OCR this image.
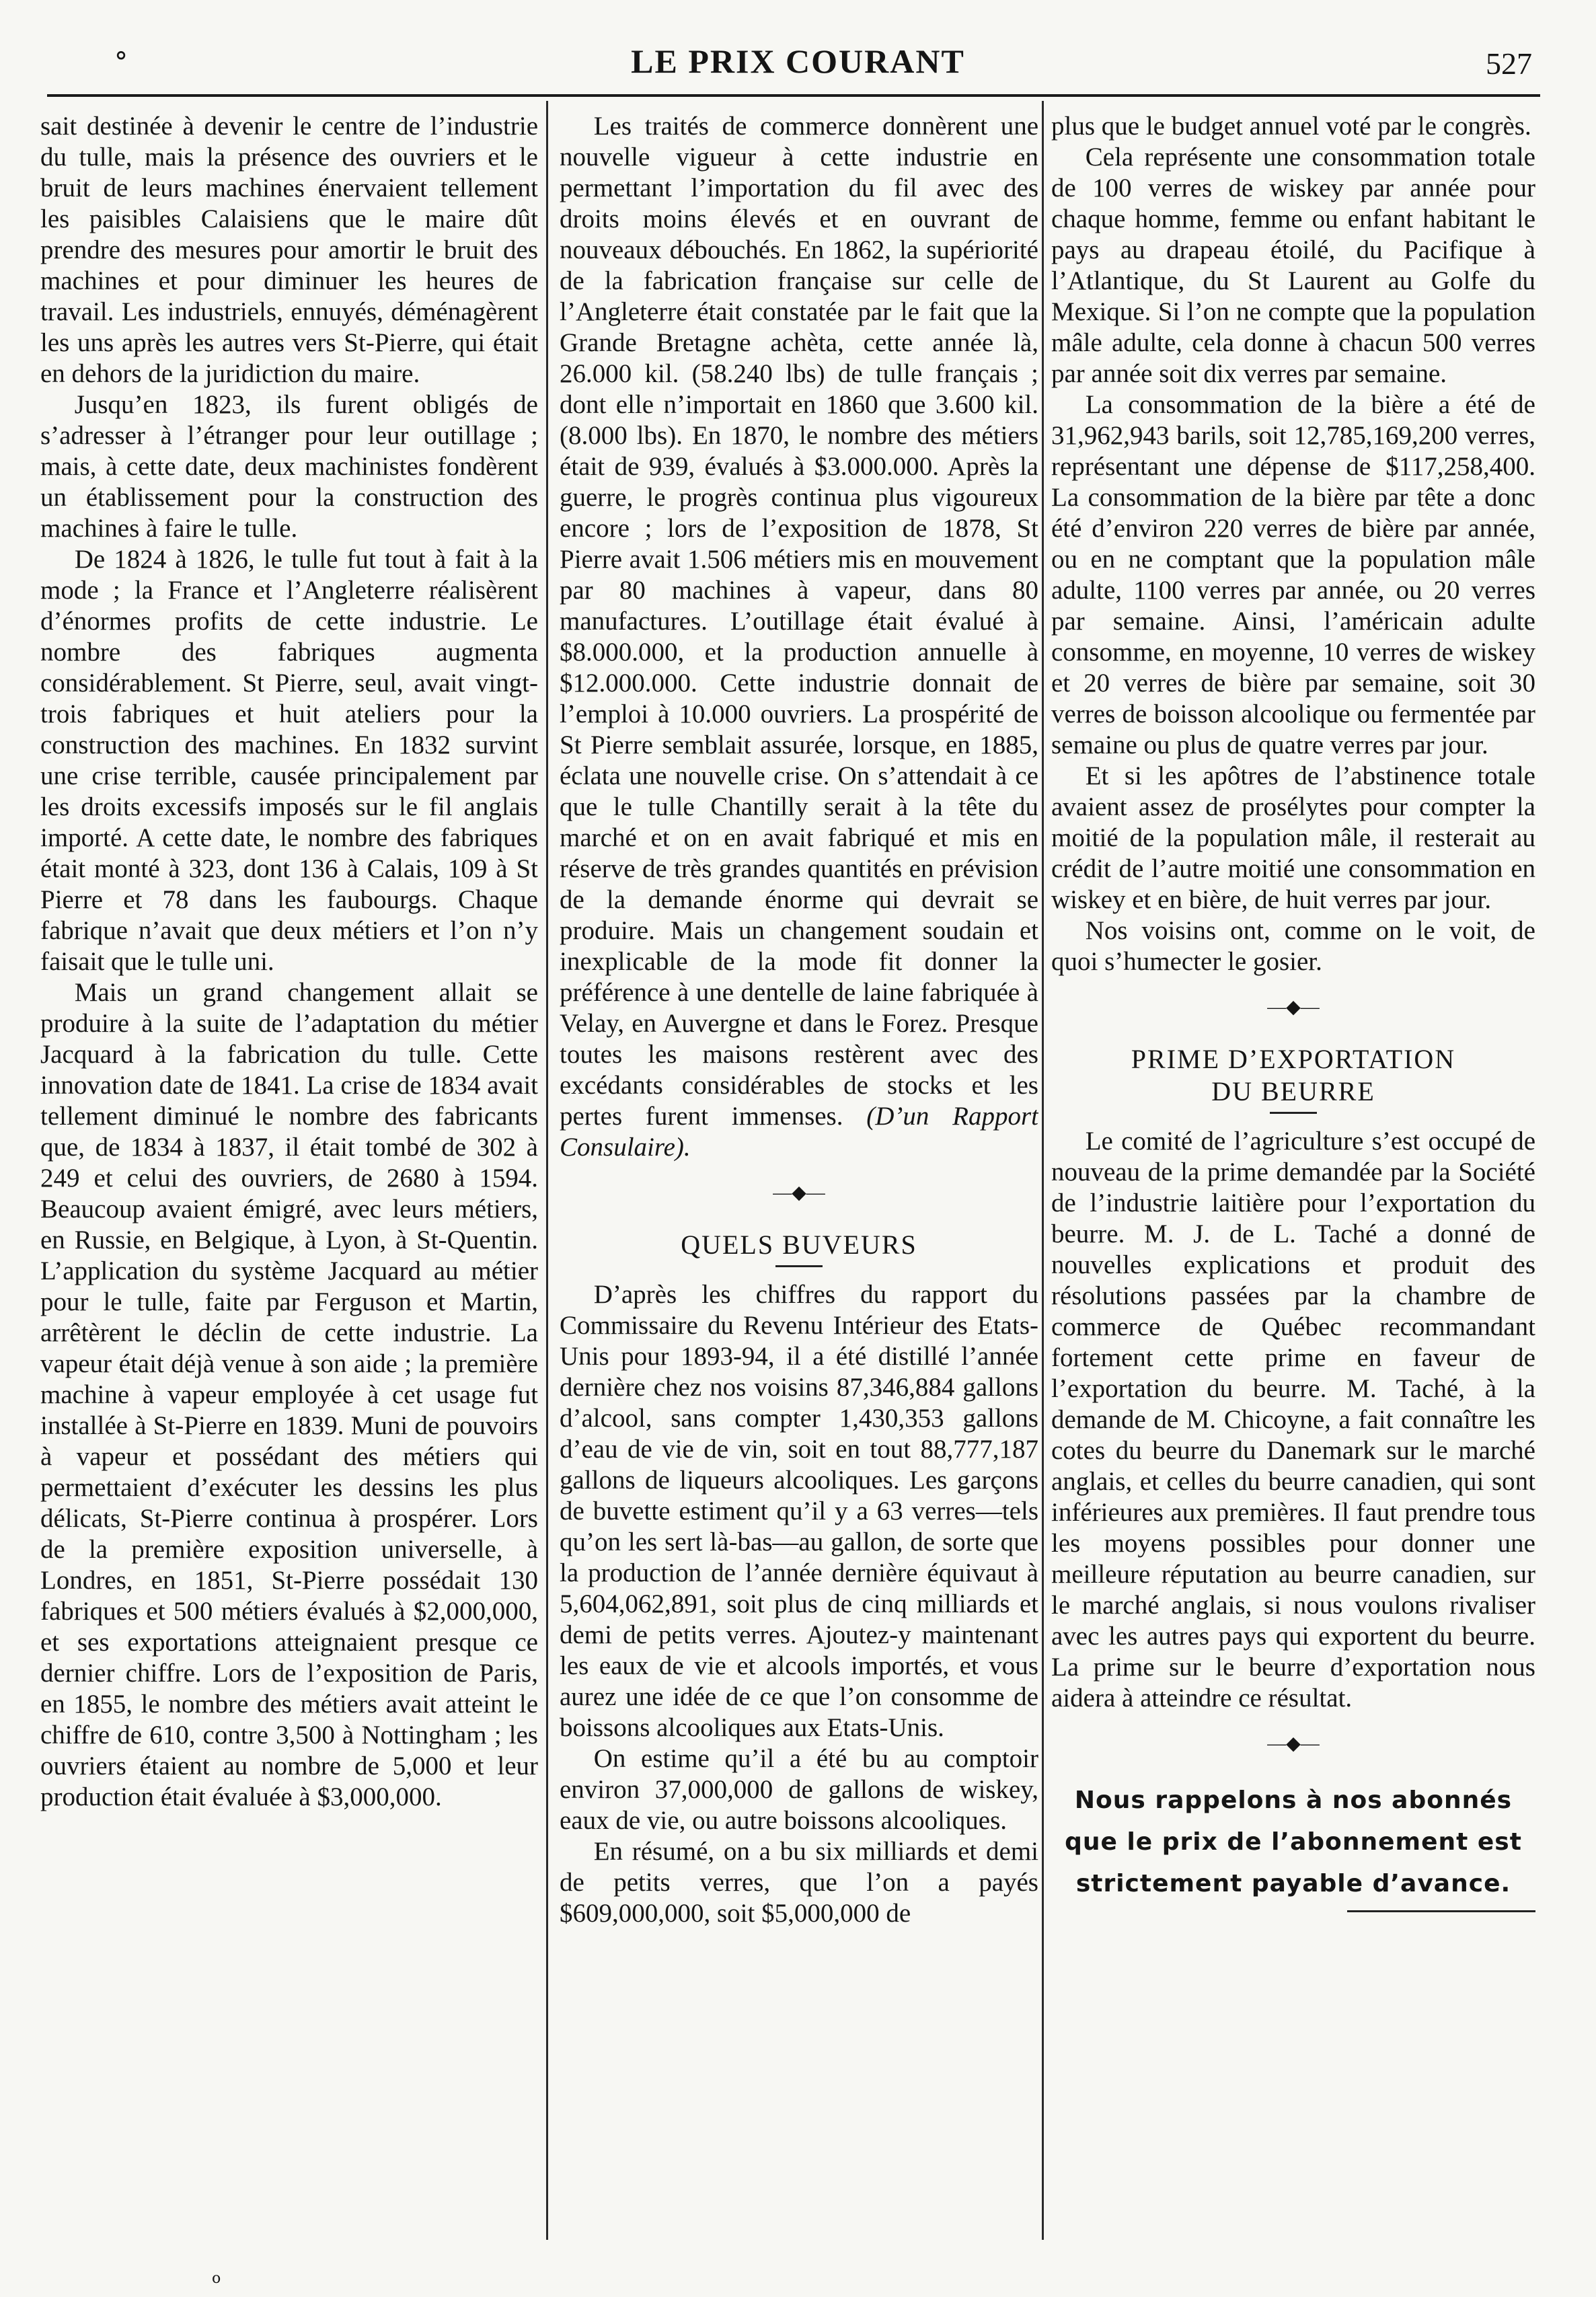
°	LE PRIX COURANT	527

sait destinée à devenir le centre de l’industrie du tulle, mais la présence des ouvriers et le bruit de leurs machines énervaient tellement les paisibles Calaisiens que le maire dût prendre des mesures pour amortir le bruit des machines et pour diminuer les heures de travail. Les industriels, ennuyés, déménagèrent les uns après les autres vers St-Pierre, qui était en dehors de la juridiction du maire.

Jusqu’en 1823, ils furent obligés de s’adresser à l’étranger pour leur outillage ; mais, à cette date, deux machinistes fondèrent un établissement pour la construction des machines à faire le tulle.

De 1824 à 1826, le tulle fut tout à fait à la mode ; la France et l’Angleterre réalisèrent d’énormes profits de cette industrie. Le nombre des fabriques augmenta considérablement. St Pierre, seul, avait vingt-trois fabriques et huit ateliers pour la construction des machines. En 1832 survint une crise terrible, causée principalement par les droits excessifs imposés sur le fil anglais importé. A cette date, le nombre des fabriques était monté à 323, dont 136 à Calais, 109 à St Pierre et 78 dans les faubourgs. Chaque fabrique n’avait que deux métiers et l’on n’y faisait que le tulle uni.

Mais un grand changement allait se produire à la suite de l’adaptation du métier Jacquard à la fabrication du tulle. Cette innovation date de 1841. La crise de 1834 avait tellement diminué le nombre des fabricants que, de 1834 à 1837, il était tombé de 302 à 249 et celui des ouvriers, de 2680 à 1594. Beaucoup avaient émigré, avec leurs métiers, en Russie, en Belgique, à Lyon, à St-Quentin. L’application du système Jacquard au métier pour le tulle, faite par Ferguson et Martin, arrêtèrent le déclin de cette industrie. La vapeur était déjà venue à son aide ; la première machine à vapeur employée à cet usage fut installée à St-Pierre en 1839. Muni de pouvoirs à vapeur et possédant des métiers qui permettaient d’exécuter les dessins les plus délicats, St-Pierre continua à prospérer. Lors de la première exposition universelle, à Londres, en 1851, St-Pierre possédait 130 fabriques et 500 métiers évalués à $2,000,000, et ses exportations atteignaient presque ce dernier chiffre. Lors de l’exposition de Paris, en 1855, le nombre des métiers avait atteint le chiffre de 610, contre 3,500 à Nottingham ; les ouvriers étaient au nombre de 5,000 et leur production était évaluée à $3,000,000.

Les traités de commerce donnèrent une nouvelle vigueur à cette industrie en permettant l’importation du fil avec des droits moins élevés et en ouvrant de nouveaux débouchés. En 1862, la supériorité de la fabrication française sur celle de l’Angleterre était constatée par le fait que la Grande Bretagne achèta, cette année là, 26.000 kil. (58.240 lbs) de tulle français ; dont elle n’importait en 1860 que 3.600 kil. (8.000 lbs). En 1870, le nombre des métiers était de 939, évalués à $3.000.000. Après la guerre, le progrès continua plus vigoureux encore ; lors de l’exposition de 1878, St Pierre avait 1.506 métiers mis en mouvement par 80 machines à vapeur, dans 80 manufactures. L’outillage était évalué à $8.000.000, et la production annuelle à $12.000.000. Cette industrie donnait de l’emploi à 10.000 ouvriers. La prospérité de St Pierre semblait assurée, lorsque, en 1885, éclata une nouvelle crise. On s’attendait à ce que le tulle Chantilly serait à la tête du marché et on en avait fabriqué et mis en réserve de très grandes quantités en prévision de la demande énorme qui devrait se produire. Mais un changement soudain et inexplicable de la mode fit donner la préférence à une dentelle de laine fabriquée à Velay, en Auvergne et dans le Forez. Presque toutes les maisons restèrent avec des excédants considérables de stocks et les pertes furent immenses. (D’un Rapport Consulaire).

—◆—
QUELS BUVEURS

D’après les chiffres du rapport du Commissaire du Revenu Intérieur des Etats-Unis pour 1893-94, il a été distillé l’année dernière chez nos voisins 87,346,884 gallons d’alcool, sans compter 1,430,353 gallons d’eau de vie de vin, soit en tout 88,777,187 gallons de liqueurs alcooliques. Les garçons de buvette estiment qu’il y a 63 verres—tels qu’on les sert là-bas—au gallon, de sorte que la production de l’année dernière équivaut à 5,604,062,891, soit plus de cinq milliards et demi de petits verres. Ajoutez-y maintenant les eaux de vie et alcools importés, et vous aurez une idée de ce que l’on consomme de boissons alcooliques aux Etats-Unis.

On estime qu’il a été bu au comptoir environ 37,000,000 de gallons de wiskey, eaux de vie, ou autre boissons alcooliques.

En résumé, on a bu six milliards et demi de petits verres, que l’on a payés $609,000,000, soit $5,000,000 de

plus que le budget annuel voté par le congrès.

Cela représente une consommation totale de 100 verres de wiskey par année pour chaque homme, femme ou enfant habitant le pays au drapeau étoilé, du Pacifique à l’Atlantique, du St Laurent au Golfe du Mexique. Si l’on ne compte que la population mâle adulte, cela donne à chacun 500 verres par année soit dix verres par semaine.

La consommation de la bière a été de 31,962,943 barils, soit 12,785,169,200 verres, représentant une dépense de $117,258,400. La consommation de la bière par tête a donc été d’environ 220 verres de bière par année, ou en ne comptant que la population mâle adulte, 1100 verres par année, ou 20 verres par semaine. Ainsi, l’américain adulte consomme, en moyenne, 10 verres de wiskey et 20 verres de bière par semaine, soit 30 verres de boisson alcoolique ou fermentée par semaine ou plus de quatre verres par jour.

Et si les apôtres de l’abstinence totale avaient assez de prosélytes pour compter la moitié de la population mâle, il resterait au crédit de l’autre moitié une consommation en wiskey et en bière, de huit verres par jour.

Nos voisins ont, comme on le voit, de quoi s’humecter le gosier.

—◆—
PRIME D’EXPORTATION
DU BEURRE

Le comité de l’agriculture s’est occupé de nouveau de la prime demandée par la Société de l’industrie laitière pour l’exportation du beurre. M. J. de L. Taché a donné de nouvelles explications et produit des résolutions passées par la chambre de commerce de Québec recommandant fortement cette prime en faveur de l’exportation du beurre. M. Taché, à la demande de M. Chicoyne, a fait connaître les cotes du beurre du Danemark sur le marché anglais, et celles du beurre canadien, qui sont inférieures aux premières. Il faut prendre tous les moyens possibles pour donner une meilleure réputation au beurre canadien, sur le marché anglais, si nous voulons rivaliser avec les autres pays qui exportent du beurre. La prime sur le beurre d’exportation nous aidera à atteindre ce résultat.

—◆—
Nous rappelons à nos abonnés
que le prix de l’abonnement est
strictement payable d’avance.
o
